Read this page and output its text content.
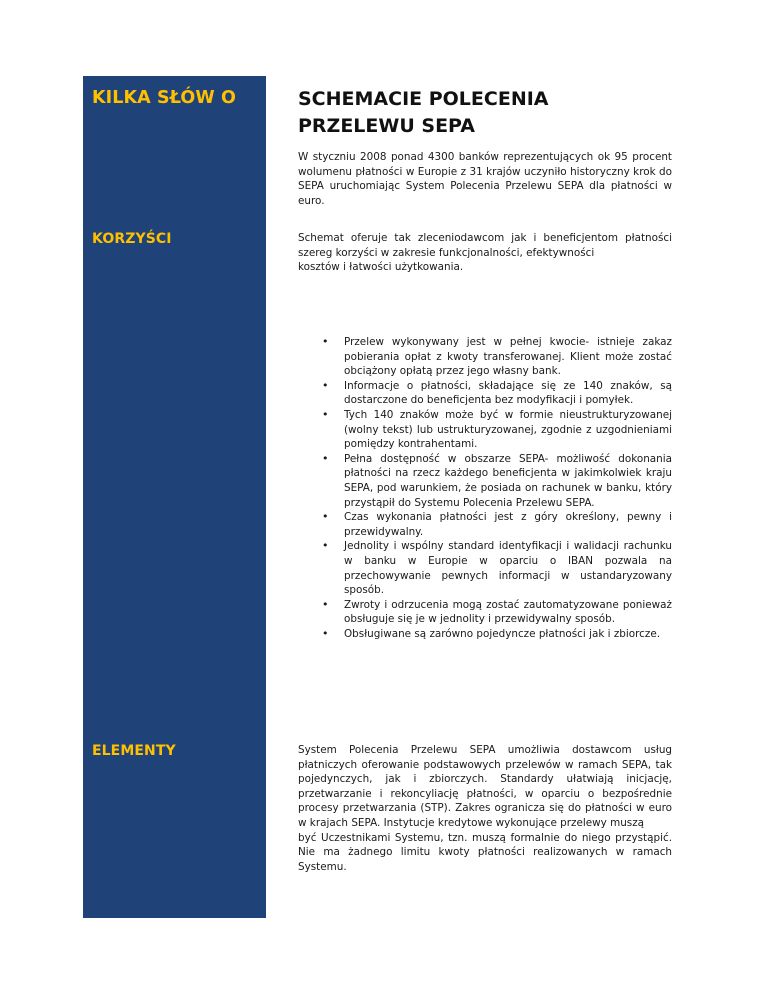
KILKA SŁÓW O
KORZYŚCI
ELEMENTY
SCHEMACIE POLECENIA
PRZELEWU SEPA

W styczniu 2008 ponad 4300 banków reprezentujących ok 95 procent wolumenu płatności w Europie z 31 krajów uczyniło historyczny krok do SEPA uruchomiając System Polecenia Przelewu SEPA dla płatności w euro.

Schemat oferuje tak zleceniodawcom jak i beneficjentom płatności szereg korzyści w zakresie funkcjonalności, efektywności
kosztów i łatwości użytkowania.
• Przelew wykonywany jest w pełnej kwocie- istnieje zakaz pobierania opłat z kwoty transferowanej. Klient może zostać obciążony opłatą przez jego własny bank.
• Informacje o płatności, składające się ze 140 znaków, są dostarczone do beneficjenta bez modyfikacji i pomyłek.
• Tych 140 znaków może być w formie nieustrukturyzowanej (wolny tekst) lub ustrukturyzowanej, zgodnie z uzgodnieniami pomiędzy kontrahentami.
• Pełna dostępność w obszarze SEPA- możliwość dokonania płatności na rzecz każdego beneficjenta w jakimkolwiek kraju SEPA, pod warunkiem, że posiada on rachunek w banku, który przystąpił do Systemu Polecenia Przelewu SEPA.
• Czas wykonania płatności jest z góry określony, pewny i przewidywalny.
• Jednolity i wspólny standard identyfikacji i walidacji rachunku w banku w Europie w oparciu o IBAN pozwala na przechowywanie pewnych informacji w ustandaryzowany sposób.
• Zwroty i odrzucenia mogą zostać zautomatyzowane ponieważ obsługuje się je w jednolity i przewidywalny sposób.
• Obsługiwane są zarówno pojedyncze płatności jak i zbiorcze.
System Polecenia Przelewu SEPA umożliwia dostawcom usług płatniczych oferowanie podstawowych przelewów w ramach SEPA, tak pojedynczych, jak i zbiorczych. Standardy ułatwiają inicjację, przetwarzanie i rekoncyliację płatności, w oparciu o bezpośrednie procesy przetwarzania (STP). Zakres ogranicza się do płatności w euro w krajach SEPA. Instytucje kredytowe wykonujące przelewy muszą
być Uczestnikami Systemu, tzn. muszą formalnie do niego przystąpić. Nie ma żadnego limitu kwoty płatności realizowanych w ramach Systemu.
